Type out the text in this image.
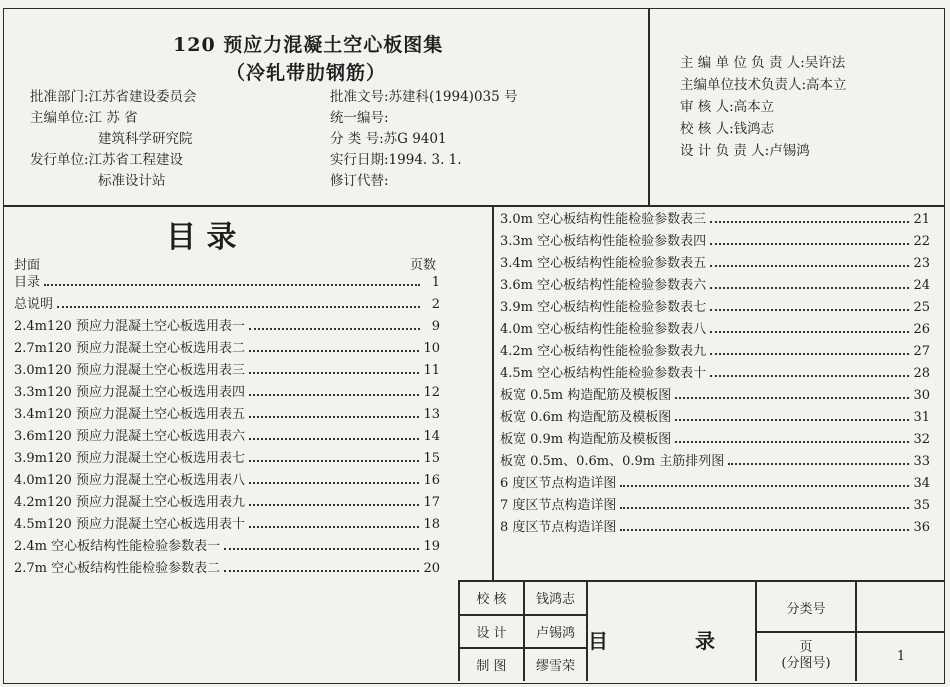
120 预应力混凝土空心板图集
（冷轧带肋钢筋）
批准部门:江苏省建设委员会
主编单位:江 苏 省
建筑科学研究院
发行单位:江苏省工程建设
标准设计站
批准文号:苏建科(1994)035 号
统一编号:
分 类 号:苏G 9401
实行日期:1994. 3. 1.
修订代替:
主 编 单 位 负 责 人:吴许法
主编单位技术负责人:高本立
审 核 人:高本立
校 核 人:钱鸿志
设 计 负 责 人:卢锡鸿
目 录
封面	页数
目录	1
总说明	2
2.4m120 预应力混凝土空心板选用表一	9
2.7m120 预应力混凝土空心板选用表二	10
3.0m120 预应力混凝土空心板选用表三	11
3.3m120 预应力混凝土空心板选用表四	12
3.4m120 预应力混凝土空心板选用表五	13
3.6m120 预应力混凝土空心板选用表六	14
3.9m120 预应力混凝土空心板选用表七	15
4.0m120 预应力混凝土空心板选用表八	16
4.2m120 预应力混凝土空心板选用表九	17
4.5m120 预应力混凝土空心板选用表十	18
2.4m 空心板结构性能检验参数表一	19
2.7m 空心板结构性能检验参数表二	20
3.0m 空心板结构性能检验参数表三	21
3.3m 空心板结构性能检验参数表四	22
3.4m 空心板结构性能检验参数表五	23
3.6m 空心板结构性能检验参数表六	24
3.9m 空心板结构性能检验参数表七	25
4.0m 空心板结构性能检验参数表八	26
4.2m 空心板结构性能检验参数表九	27
4.5m 空心板结构性能检验参数表十	28
板宽 0.5m 构造配筋及模板图	30
板宽 0.6m 构造配筋及模板图	31
板宽 0.9m 构造配筋及模板图	32
板宽 0.5m、0.6m、0.9m 主筋排列图	33
6 度区节点构造详图	34
7 度区节点构造详图	35
8 度区节点构造详图	36
校 核	钱鸿志
设 计	卢锡鸿
制 图	缪雪荣
目 录
分类号
页
(分图号)	1
